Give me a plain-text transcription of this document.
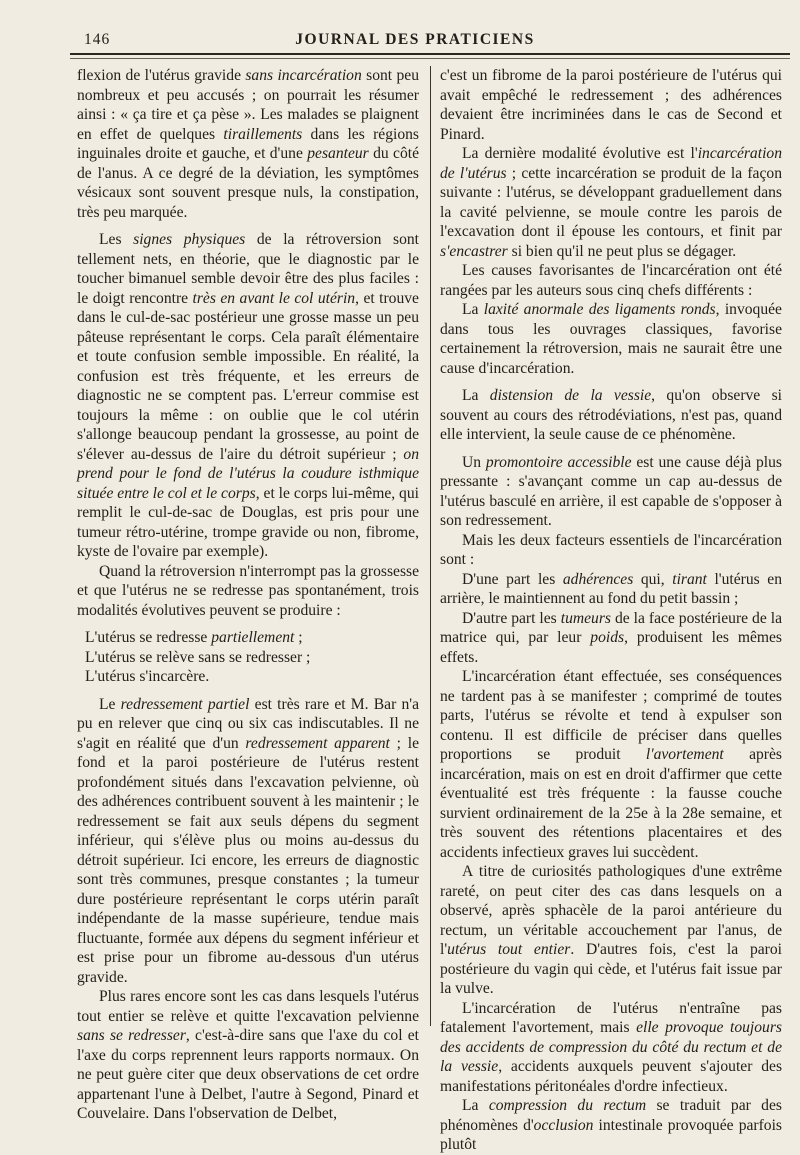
146	JOURNAL DES PRATICIENS

flexion de l'utérus gravide sans incarcération sont peu nombreux et peu accusés ; on pourrait les résumer ainsi : « ça tire et ça pèse ». Les malades se plaignent en effet de quelques tiraillements dans les régions inguinales droite et gauche, et d'une pesanteur du côté de l'anus. A ce degré de la déviation, les symptômes vésicaux sont souvent presque nuls, la constipation, très peu marquée.

Les signes physiques de la rétroversion sont tellement nets, en théorie, que le diagnostic par le toucher bimanuel semble devoir être des plus faciles : le doigt rencontre très en avant le col utérin, et trouve dans le cul-de-sac postérieur une grosse masse un peu pâteuse représentant le corps. Cela paraît élémentaire et toute confusion semble impossible. En réalité, la confusion est très fréquente, et les erreurs de diagnostic ne se comptent pas. L'erreur commise est toujours la même : on oublie que le col utérin s'allonge beaucoup pendant la grossesse, au point de s'élever au-dessus de l'aire du détroit supérieur ; on prend pour le fond de l'utérus la coudure isthmique située entre le col et le corps, et le corps lui-même, qui remplit le cul-de-sac de Douglas, est pris pour une tumeur rétro-utérine, trompe gravide ou non, fibrome, kyste de l'ovaire par exemple).

Quand la rétroversion n'interrompt pas la grossesse et que l'utérus ne se redresse pas spontanément, trois modalités évolutives peuvent se produire :

L'utérus se redresse partiellement ;

L'utérus se relève sans se redresser ;

L'utérus s'incarcère.

Le redressement partiel est très rare et M. Bar n'a pu en relever que cinq ou six cas indiscutables. Il ne s'agit en réalité que d'un redressement apparent ; le fond et la paroi postérieure de l'utérus restent profondément situés dans l'excavation pelvienne, où des adhérences contribuent souvent à les maintenir ; le redressement se fait aux seuls dépens du segment inférieur, qui s'élève plus ou moins au-dessus du détroit supérieur. Ici encore, les erreurs de diagnostic sont très communes, presque constantes ; la tumeur dure postérieure représentant le corps utérin paraît indépendante de la masse supérieure, tendue mais fluctuante, formée aux dépens du segment inférieur et est prise pour un fibrome au-dessous d'un utérus gravide.

Plus rares encore sont les cas dans lesquels l'utérus tout entier se relève et quitte l'excavation pelvienne sans se redresser, c'est-à-dire sans que l'axe du col et l'axe du corps reprennent leurs rapports normaux. On ne peut guère citer que deux observations de cet ordre appartenant l'une à Delbet, l'autre à Segond, Pinard et Couvelaire. Dans l'observation de Delbet,

c'est un fibrome de la paroi postérieure de l'utérus qui avait empêché le redressement ; des adhérences devaient être incriminées dans le cas de Second et Pinard.

La dernière modalité évolutive est l'incarcération de l'utérus ; cette incarcération se produit de la façon suivante : l'utérus, se développant graduellement dans la cavité pelvienne, se moule contre les parois de l'excavation dont il épouse les contours, et finit par s'encastrer si bien qu'il ne peut plus se dégager.

Les causes favorisantes de l'incarcération ont été rangées par les auteurs sous cinq chefs différents :

La laxité anormale des ligaments ronds, invoquée dans tous les ouvrages classiques, favorise certainement la rétroversion, mais ne saurait être une cause d'incarcération.

La distension de la vessie, qu'on observe si souvent au cours des rétrodéviations, n'est pas, quand elle intervient, la seule cause de ce phénomène.

Un promontoire accessible est une cause déjà plus pressante : s'avançant comme un cap au-dessus de l'utérus basculé en arrière, il est capable de s'opposer à son redressement.

Mais les deux facteurs essentiels de l'incarcération sont :

D'une part les adhérences qui, tirant l'utérus en arrière, le maintiennent au fond du petit bassin ;

D'autre part les tumeurs de la face postérieure de la matrice qui, par leur poids, produisent les mêmes effets.

L'incarcération étant effectuée, ses conséquences ne tardent pas à se manifester ; comprimé de toutes parts, l'utérus se révolte et tend à expulser son contenu. Il est difficile de préciser dans quelles proportions se produit l'avortement après incarcération, mais on est en droit d'affirmer que cette éventualité est très fréquente : la fausse couche survient ordinairement de la 25e à la 28e semaine, et très souvent des rétentions placentaires et des accidents infectieux graves lui succèdent.

A titre de curiosités pathologiques d'une extrême rareté, on peut citer des cas dans lesquels on a observé, après sphacèle de la paroi antérieure du rectum, un véritable accouchement par l'anus, de l'utérus tout entier. D'autres fois, c'est la paroi postérieure du vagin qui cède, et l'utérus fait issue par la vulve.

L'incarcération de l'utérus n'entraîne pas fatalement l'avortement, mais elle provoque toujours des accidents de compression du côté du rectum et de la vessie, accidents auxquels peuvent s'ajouter des manifestations péritonéales d'ordre infectieux.

La compression du rectum se traduit par des phénomènes d'occlusion intestinale provoquée parfois plutôt
